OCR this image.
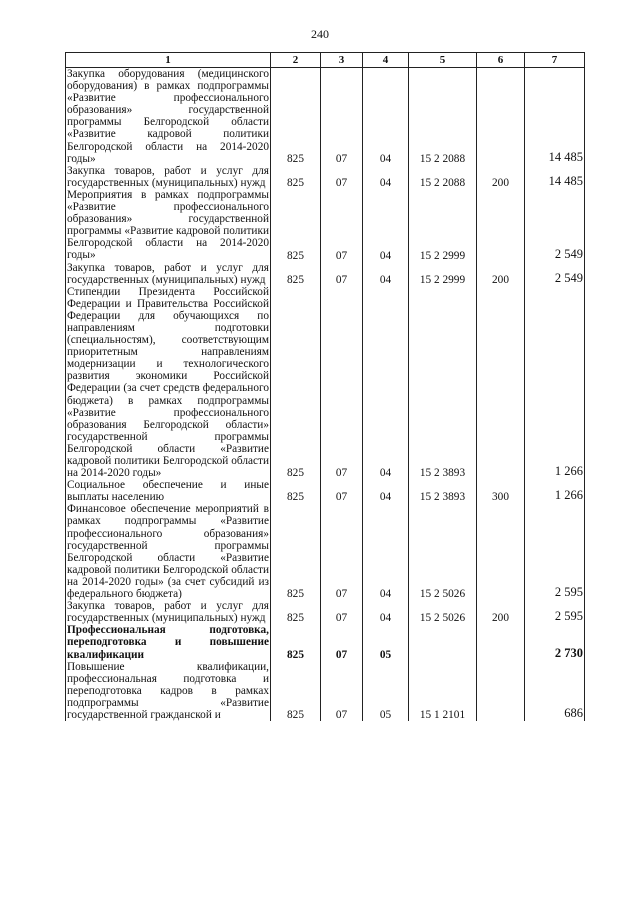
240
1	2	3	4	5	6	7
Закупка оборудования (медицинского оборудования) в рамках подпрограммы «Развитие профессионального образования» государственной программы Белгородской области «Развитие кадровой политики Белгородской области на 2014-2020 годы»	825	07	04	15 2 2088		14 485
Закупка товаров, работ и услуг для государственных (муниципальных) нужд	825	07	04	15 2 2088	200	14 485
Мероприятия в рамках подпрограммы «Развитие профессионального образования» государственной программы «Развитие кадровой политики Белгородской области на 2014-2020 годы»	825	07	04	15 2 2999		2 549
Закупка товаров, работ и услуг для государственных (муниципальных) нужд	825	07	04	15 2 2999	200	2 549
Стипендии Президента Российской Федерации и Правительства Российской Федерации для обучающихся по направлениям подготовки (специальностям), соответствующим приоритетным направлениям модернизации и технологического развития экономики Российской Федерации (за счет средств федерального бюджета) в рамках подпрограммы «Развитие профессионального образования Белгородской области» государственной программы Белгородской области «Развитие кадровой политики Белгородской области на 2014-2020 годы»	825	07	04	15 2 3893		1 266
Социальное обеспечение и иные выплаты населению	825	07	04	15 2 3893	300	1 266
Финансовое обеспечение мероприятий в рамках подпрограммы «Развитие профессионального образования» государственной программы Белгородской области «Развитие кадровой политики Белгородской области на 2014-2020 годы» (за счет субсидий из федерального бюджета)	825	07	04	15 2 5026		2 595
Закупка товаров, работ и услуг для государственных (муниципальных) нужд	825	07	04	15 2 5026	200	2 595
Профессиональная подготовка, переподготовка и повышение квалификации	825	07	05			2 730
Повышение квалификации, профессиональная подготовка и переподготовка кадров в рамках подпрограммы «Развитие государственной гражданской и	825	07	05	15 1 2101		686
